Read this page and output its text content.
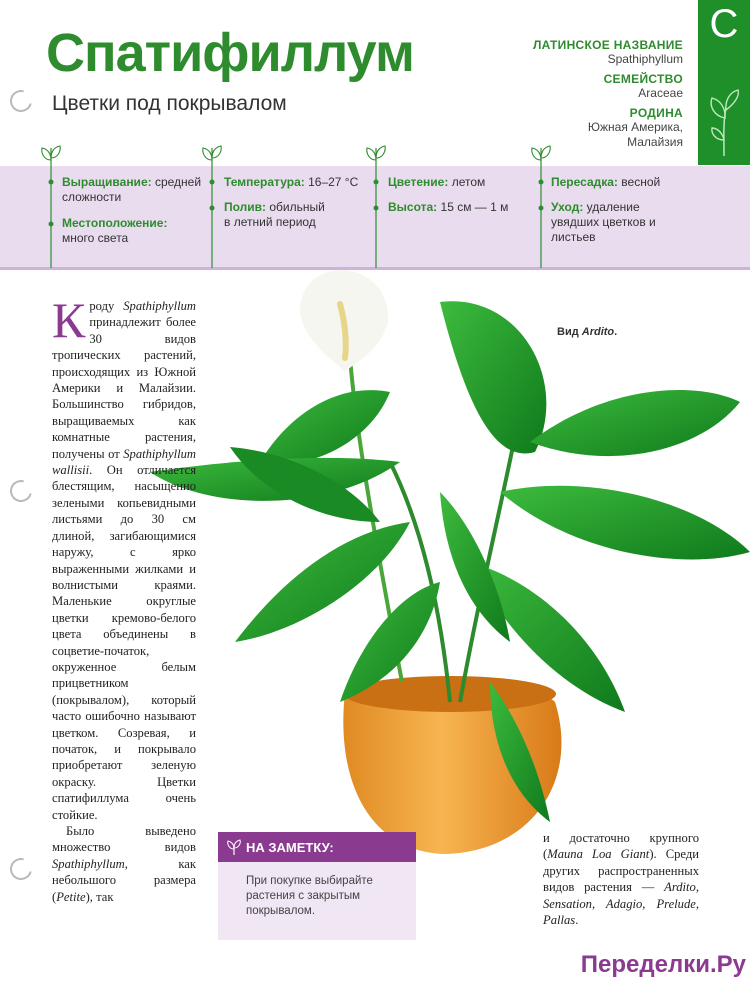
Спатифиллум
Цветки под покрывалом
ЛАТИНСКОЕ НАЗВАНИЕ
Spathiphyllum
СЕМЕЙСТВО
Araceae
РОДИНА
Южная Америка,
Малайзия
С
Выращивание: средней сложности
Местоположение:
много света
Температура: 16–27 °С
Полив: обильный в летний период
Цветение: летом
Высота: 15 см — 1 м
Пересадка: весной
Уход: удаление увядших цветков и листьев
Вид Ardito.

Кроду Spathiphyllum принадлежит более 30 видов тропических растений, происходящих из Южной Америки и Малайзии. Большинство гибридов, выращиваемых как комнатные растения, получены от Spathiphyllum wallisii. Он отличается блестящим, насыщенно зелеными копьевидными листьями до 30 см длиной, загибающимися наружу, с ярко выраженными жилками и волнистыми краями. Маленькие округлые цветки кремово-белого цвета объединены в соцветие-початок, окруженное белым прицветником (покрывалом), который часто ошибочно называют цветком. Созревая, и початок, и покрывало приобретают зеленую окраску. Цветки спатифиллума очень стойкие.

Было выведено множество видов Spathiphyllum, как небольшого размера (Petite), так

и достаточно крупного (Mauna Loa Giant). Среди других распространенных видов растения — Ardito, Sensation, Adagio, Prelude, Pallas.
НА ЗАМЕТКУ:
При покупке выбирайте растения с закрытым покрывалом.
Переделки.Ру
